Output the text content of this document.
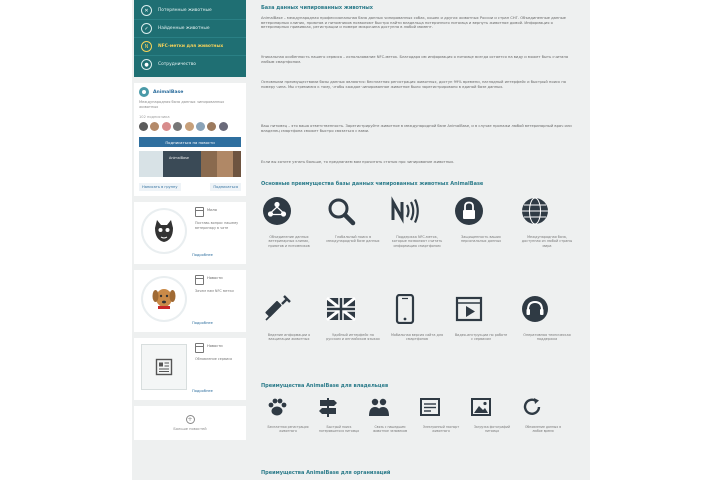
✕	Потерянные животные
✓	Найденные животные
N	NFC-метки для животных
●	Сотрудничество
AnimalBase
Международная база данных чипированных животных
102 подписчика
Подписаться на новости
AnimalBase
Написать в группу	Подписаться
Мило
Поставь вопрос нашему ветеринару в чате
Подробнее
Новости
Зачем нам NFC метки
Подробнее
Новости
Обновление сервиса
Подробнее
+
Больше новостей
База данных чипированных животных
AnimalBase – международная профессиональная база данных чипированных собак, кошек и других животных России и стран СНГ. Объединенные данные ветеринарных клиник, приютов и питомников позволяют быстро найти владельца потерянного питомца и вернуть животное домой. Информация о ветеринарных прививках, регистрации и номере микрочипа доступна в любой момент.
Уникальная особенность нашего сервиса – использование NFC-меток. Благодаря им информация о питомце всегда остается на виду и может быть считана любым смартфоном.
Основными преимуществами базы данных являются: бесплатная регистрация животных, доступ 99% времени, наглядный интерфейс и быстрый поиск по номеру чипа. Мы стремимся к тому, чтобы каждое чипированное животное было зарегистрировано в единой базе данных.
Ваш питомец – это ваша ответственность. Зарегистрируйте животное в международной базе AnimalBase, и в случае пропажи любой ветеринарный врач или владелец смартфона сможет быстро связаться с вами.
Если вы хотите узнать больше, то предлагаем вам прочитать статью про чипирование животных.
Основные преимущества базы данных чипированных животных AnimalBase
Объединение данных ветеринарных клиник, приютов и питомников
Глобальный поиск в международной базе данных
Поддержка NFC-меток, которые позволяют считать информацию смартфоном
Защищенность ваших персональных данных
Международная база, доступная из любой страны мира
Ведение информации о вакцинации животных
Удобный интерфейс на русском и английском языках
Мобильная версия сайта для смартфонов
Видео-инструкции по работе с сервисом
Оперативная техническая поддержка
Преимущества AnimalBase для владельцев
Бесплатная регистрация животного
Быстрый поиск потерявшегося питомца
Связь с нашедшим животное человеком
Электронный паспорт животного
Загрузка фотографий питомца
Обновление данных в любое время
Преимущества AnimalBase для организаций
